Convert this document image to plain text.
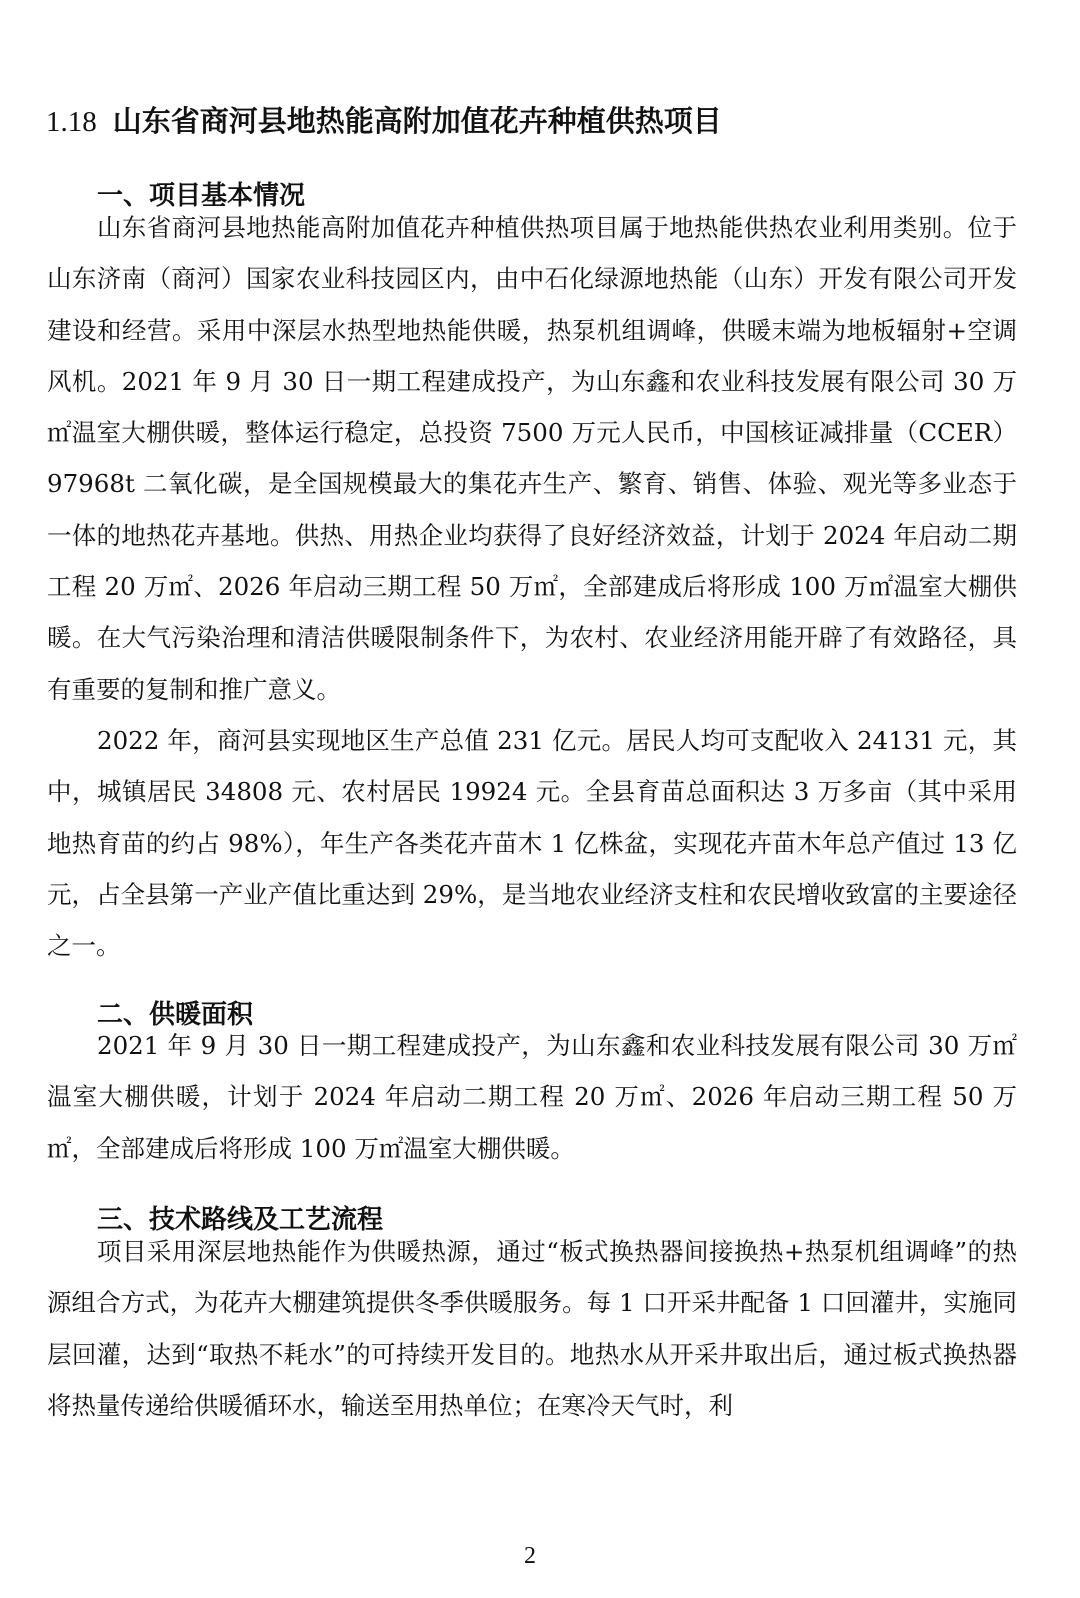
1.18 山东省商河县地热能高附加值花卉种植供热项目
一、项目基本情况

山东省商河县地热能高附加值花卉种植供热项目属于地热能供热农业利用类别。位于山东济南（商河）国家农业科技园区内，由中石化绿源地热能（山东）开发有限公司开发建设和经营。采用中深层水热型地热能供暖，热泵机组调峰，供暖末端为地板辐射+空调风机。2021 年 9 月 30 日一期工程建成投产，为山东鑫和农业科技发展有限公司 30 万㎡温室大棚供暖，整体运行稳定，总投资 7500 万元人民币，中国核证减排量（CCER）97968t 二氧化碳，是全国规模最大的集花卉生产、繁育、销售、体验、观光等多业态于一体的地热花卉基地。供热、用热企业均获得了良好经济效益，计划于 2024 年启动二期工程 20 万㎡、2026 年启动三期工程 50 万㎡，全部建成后将形成 100 万㎡温室大棚供暖。在大气污染治理和清洁供暖限制条件下，为农村、农业经济用能开辟了有效路径，具有重要的复制和推广意义。

2022 年，商河县实现地区生产总值 231 亿元。居民人均可支配收入 24131 元，其中，城镇居民 34808 元、农村居民 19924 元。全县育苗总面积达 3 万多亩（其中采用地热育苗的约占 98%），年生产各类花卉苗木 1 亿株盆，实现花卉苗木年总产值过 13 亿元，占全县第一产业产值比重达到 29%，是当地农业经济支柱和农民增收致富的主要途径之一。

二、供暖面积

2021 年 9 月 30 日一期工程建成投产，为山东鑫和农业科技发展有限公司 30 万㎡温室大棚供暖，计划于 2024 年启动二期工程 20 万㎡、2026 年启动三期工程 50 万㎡，全部建成后将形成 100 万㎡温室大棚供暖。

三、技术路线及工艺流程

项目采用深层地热能作为供暖热源，通过“板式换热器间接换热+热泵机组调峰”的热源组合方式，为花卉大棚建筑提供冬季供暖服务。每 1 口开采井配备 1 口回灌井，实施同层回灌，达到“取热不耗水”的可持续开发目的。地热水从开采井取出后，通过板式换热器将热量传递给供暖循环水，输送至用热单位；在寒冷天气时，利

2
